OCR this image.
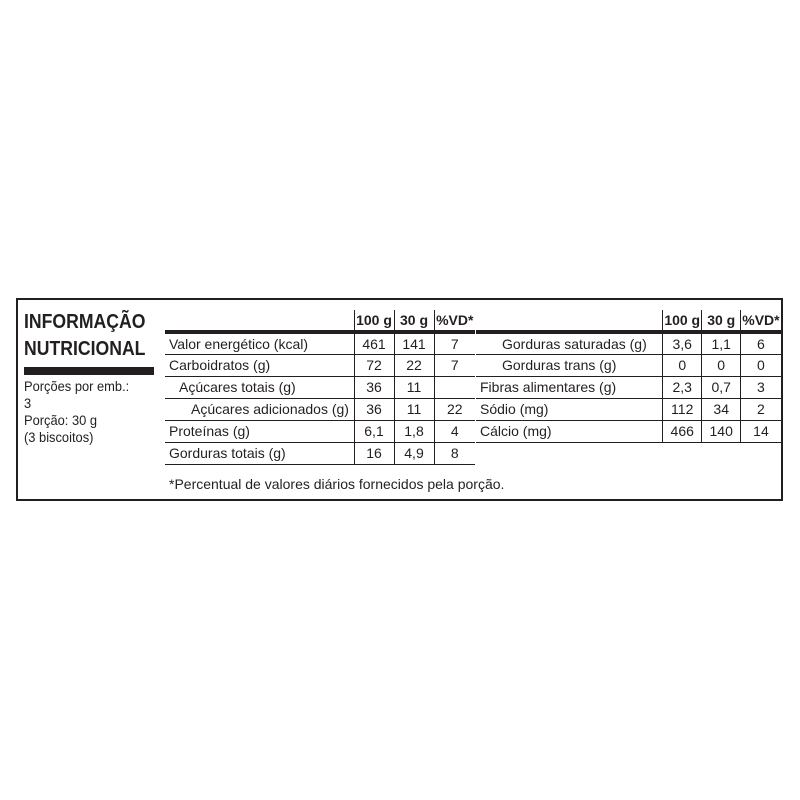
INFORMAÇÃO
NUTRICIONAL
Porções por emb.:
3
Porção: 30 g
(3 biscoitos)
	100 g	30 g	%VD*
Valor energético (kcal)	461	141	7
Carboidratos (g)	72	22	7
Açúcares totais (g)	36	11	
Açúcares adicionados (g)	36	11	22
Proteínas (g)	6,1	1,8	4
Gorduras totais (g)	16	4,9	8
	100 g	30 g	%VD*
Gorduras saturadas (g)	3,6	1,1	6
Gorduras trans (g)	0	0	0
Fibras alimentares (g)	2,3	0,7	3
Sódio (mg)	112	34	2
Cálcio (mg)	466	140	14
*Percentual de valores diários fornecidos pela porção.
